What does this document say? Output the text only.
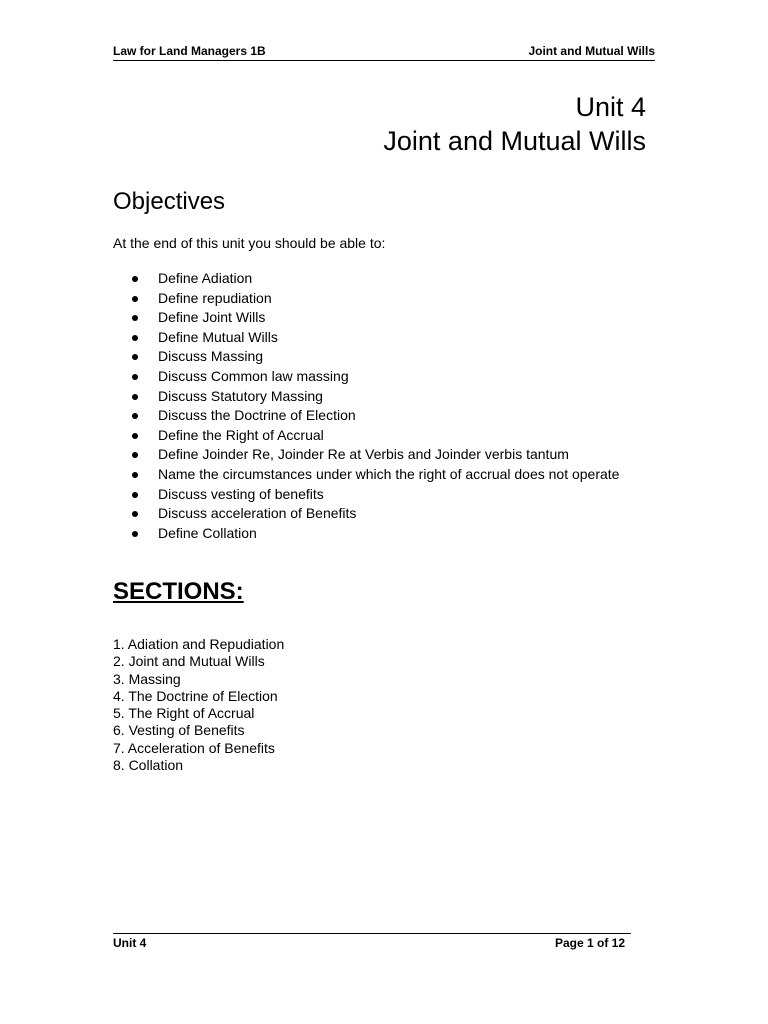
Law for Land Managers 1B	Joint and Mutual Wills
Unit 4
Joint and Mutual Wills
Objectives

At the end of this unit you should be able to:

Define Adiation
Define repudiation
Define Joint Wills
Define Mutual Wills
Discuss Massing
Discuss Common law massing
Discuss Statutory Massing
Discuss the Doctrine of Election
Define the Right of Accrual
Define Joinder Re, Joinder Re at Verbis and Joinder verbis tantum
Name the circumstances under which the right of accrual does not operate
Discuss vesting of benefits
Discuss acceleration of Benefits
Define Collation
SECTIONS:
1. Adiation and Repudiation
2. Joint and Mutual Wills
3. Massing
4. The Doctrine of Election
5. The Right of Accrual
6. Vesting of Benefits
7. Acceleration of Benefits
8. Collation
Unit 4	Page 1 of 12
